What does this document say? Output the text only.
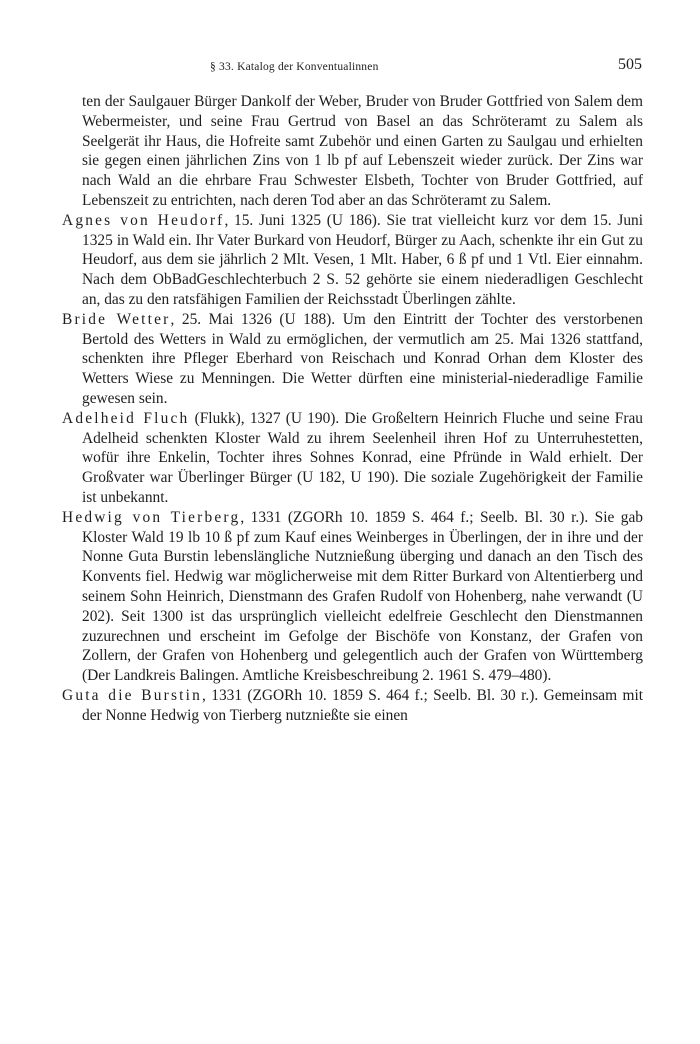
§ 33. Katalog der Konventualinnen	505

ten der Saulgauer Bürger Dankolf der Weber, Bruder von Bruder Gottfried von Salem dem Webermeister, und seine Frau Gertrud von Basel an das Schröteramt zu Salem als Seelgerät ihr Haus, die Hofreite samt Zubehör und einen Garten zu Saulgau und erhielten sie gegen einen jährlichen Zins von 1 lb pf auf Lebenszeit wieder zurück. Der Zins war nach Wald an die ehrbare Frau Schwester Elsbeth, Tochter von Bruder Gottfried, auf Lebenszeit zu entrichten, nach deren Tod aber an das Schröteramt zu Salem.

Agnes von Heudorf, 15. Juni 1325 (U 186). Sie trat vielleicht kurz vor dem 15. Juni 1325 in Wald ein. Ihr Vater Burkard von Heudorf, Bürger zu Aach, schenkte ihr ein Gut zu Heudorf, aus dem sie jährlich 2 Mlt. Vesen, 1 Mlt. Haber, 6 ß pf und 1 Vtl. Eier einnahm. Nach dem ObBadGeschlechterbuch 2 S. 52 gehörte sie einem niederadligen Geschlecht an, das zu den ratsfähigen Familien der Reichsstadt Überlingen zählte.

Bride Wetter, 25. Mai 1326 (U 188). Um den Eintritt der Tochter des verstorbenen Bertold des Wetters in Wald zu ermöglichen, der vermutlich am 25. Mai 1326 stattfand, schenkten ihre Pfleger Eberhard von Reischach und Konrad Orhan dem Kloster des Wetters Wiese zu Menningen. Die Wetter dürften eine ministerial-niederadlige Familie gewesen sein.

Adelheid Fluch (Flukk), 1327 (U 190). Die Großeltern Heinrich Fluche und seine Frau Adelheid schenkten Kloster Wald zu ihrem Seelenheil ihren Hof zu Unterruhestetten, wofür ihre Enkelin, Tochter ihres Sohnes Konrad, eine Pfründe in Wald erhielt. Der Großvater war Überlinger Bürger (U 182, U 190). Die soziale Zugehörigkeit der Familie ist unbekannt.

Hedwig von Tierberg, 1331 (ZGORh 10. 1859 S. 464 f.; Seelb. Bl. 30 r.). Sie gab Kloster Wald 19 lb 10 ß pf zum Kauf eines Weinberges in Überlingen, der in ihre und der Nonne Guta Burstin lebenslängliche Nutznießung überging und danach an den Tisch des Konvents fiel. Hedwig war möglicherweise mit dem Ritter Burkard von Altentierberg und seinem Sohn Heinrich, Dienstmann des Grafen Rudolf von Hohenberg, nahe verwandt (U 202). Seit 1300 ist das ursprünglich vielleicht edelfreie Geschlecht den Dienstmannen zuzurechnen und erscheint im Gefolge der Bischöfe von Konstanz, der Grafen von Zollern, der Grafen von Hohenberg und gelegentlich auch der Grafen von Württemberg (Der Landkreis Balingen. Amtliche Kreisbeschreibung 2. 1961 S. 479–480).

Guta die Burstin, 1331 (ZGORh 10. 1859 S. 464 f.; Seelb. Bl. 30 r.). Gemeinsam mit der Nonne Hedwig von Tierberg nutznießte sie einen
